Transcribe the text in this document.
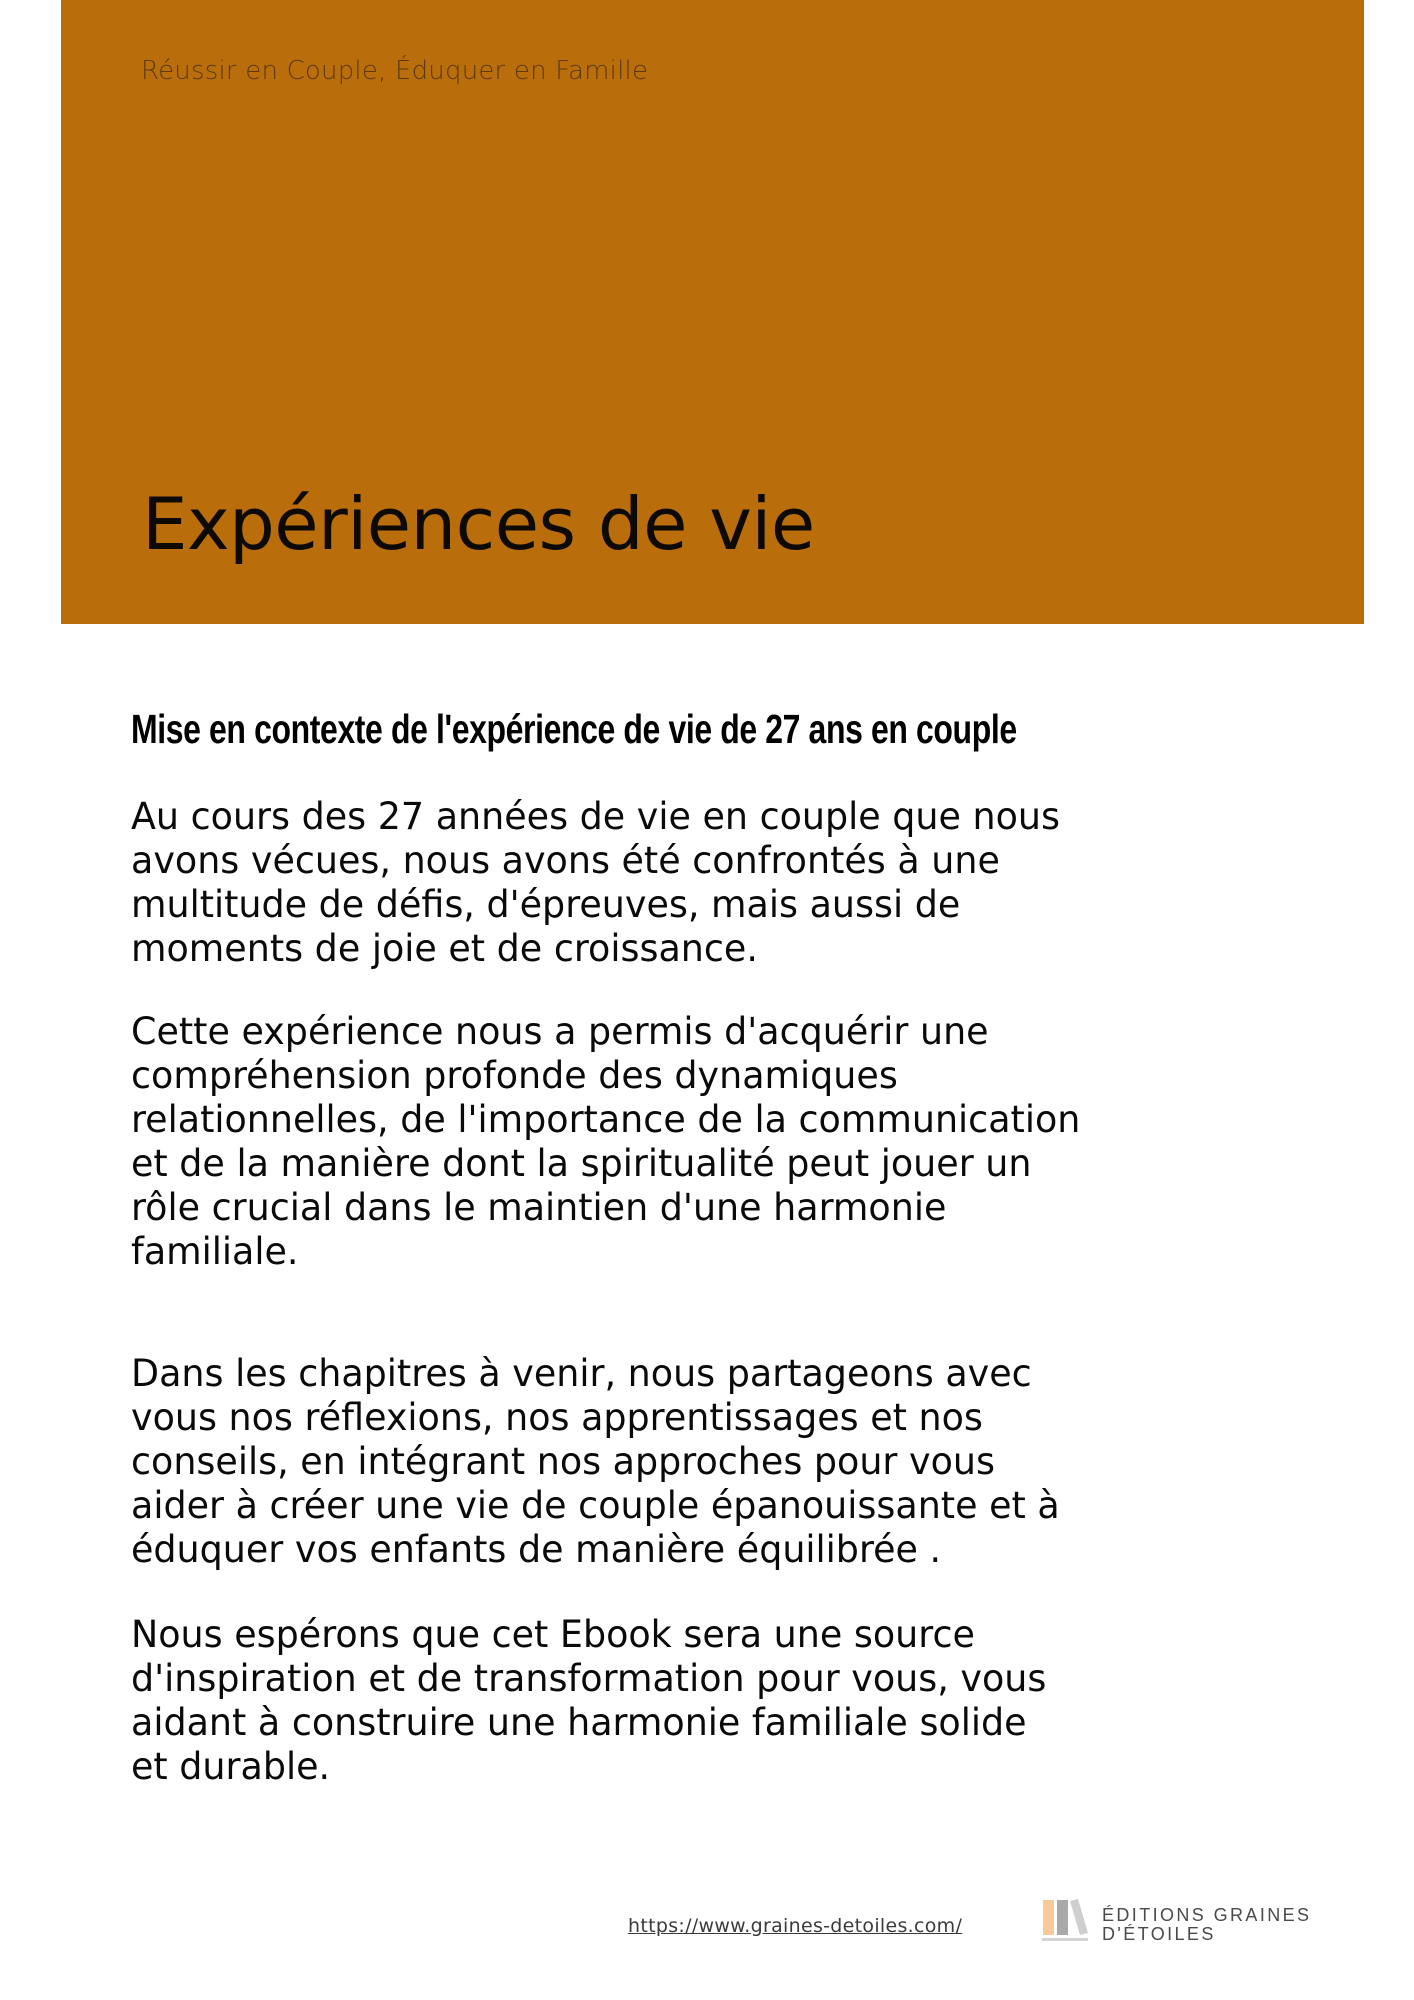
Réussir en Couple, Éduquer en Famille
Expériences de vie
Mise en contexte de l'expérience de vie de 27 ans en couple
Au cours des 27 années de vie en couple que nous
avons vécues, nous avons été confrontés à une
multitude de défis, d'épreuves, mais aussi de
moments de joie et de croissance.
Cette expérience nous a permis d'acquérir une
compréhension profonde des dynamiques
relationnelles, de l'importance de la communication
et de la manière dont la spiritualité peut jouer un
rôle crucial dans le maintien d'une harmonie
familiale.
Dans les chapitres à venir, nous partageons avec
vous nos réflexions, nos apprentissages et nos
conseils, en intégrant nos approches pour vous
aider à créer une vie de couple épanouissante et à
éduquer vos enfants de manière équilibrée .
Nous espérons que cet Ebook sera une source
d'inspiration et de transformation pour vous, vous
aidant à construire une harmonie familiale solide
et durable.
https://www.graines-detoiles.com/	ÉDITIONS GRAINES
D'ÉTOILES
